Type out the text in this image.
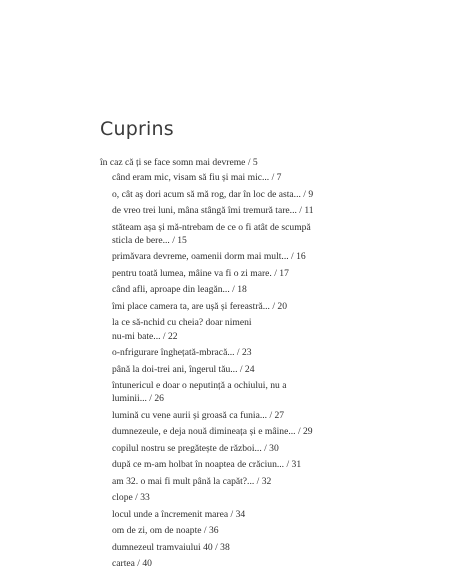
Cuprins
în caz că ți se face somn mai devreme / 5
când eram mic, visam să fiu și mai mic... / 7
o, cât aș dori acum să mă rog, dar în loc de asta... / 9
de vreo trei luni, mâna stângă îmi tremură tare... / 11
stăteam așa și mă-ntrebam de ce o fi atât de scumpă
sticla de bere... / 15
primăvara devreme, oamenii dorm mai mult... / 16
pentru toată lumea, mâine va fi o zi mare. / 17
când afli, aproape din leagăn... / 18
îmi place camera ta, are ușă și fereastră... / 20
la ce să-nchid cu cheia? doar nimeni
nu-mi bate... / 22
o-nfrigurare înghețată-mbracă... / 23
până la doi-trei ani, îngerul tău... / 24
întunericul e doar o neputință a ochiului, nu a
luminii... / 26
lumină cu vene aurii și groasă ca funia... / 27
dumnezeule, e deja nouă dimineața și e mâine... / 29
copilul nostru se pregătește de război... / 30
după ce m-am holbat în noaptea de crăciun... / 31
am 32. o mai fi mult până la capăt?... / 32
clope / 33
locul unde a încremenit marea / 34
om de zi, om de noapte / 36
dumnezeul tramvaiului 40 / 38
cartea / 40
